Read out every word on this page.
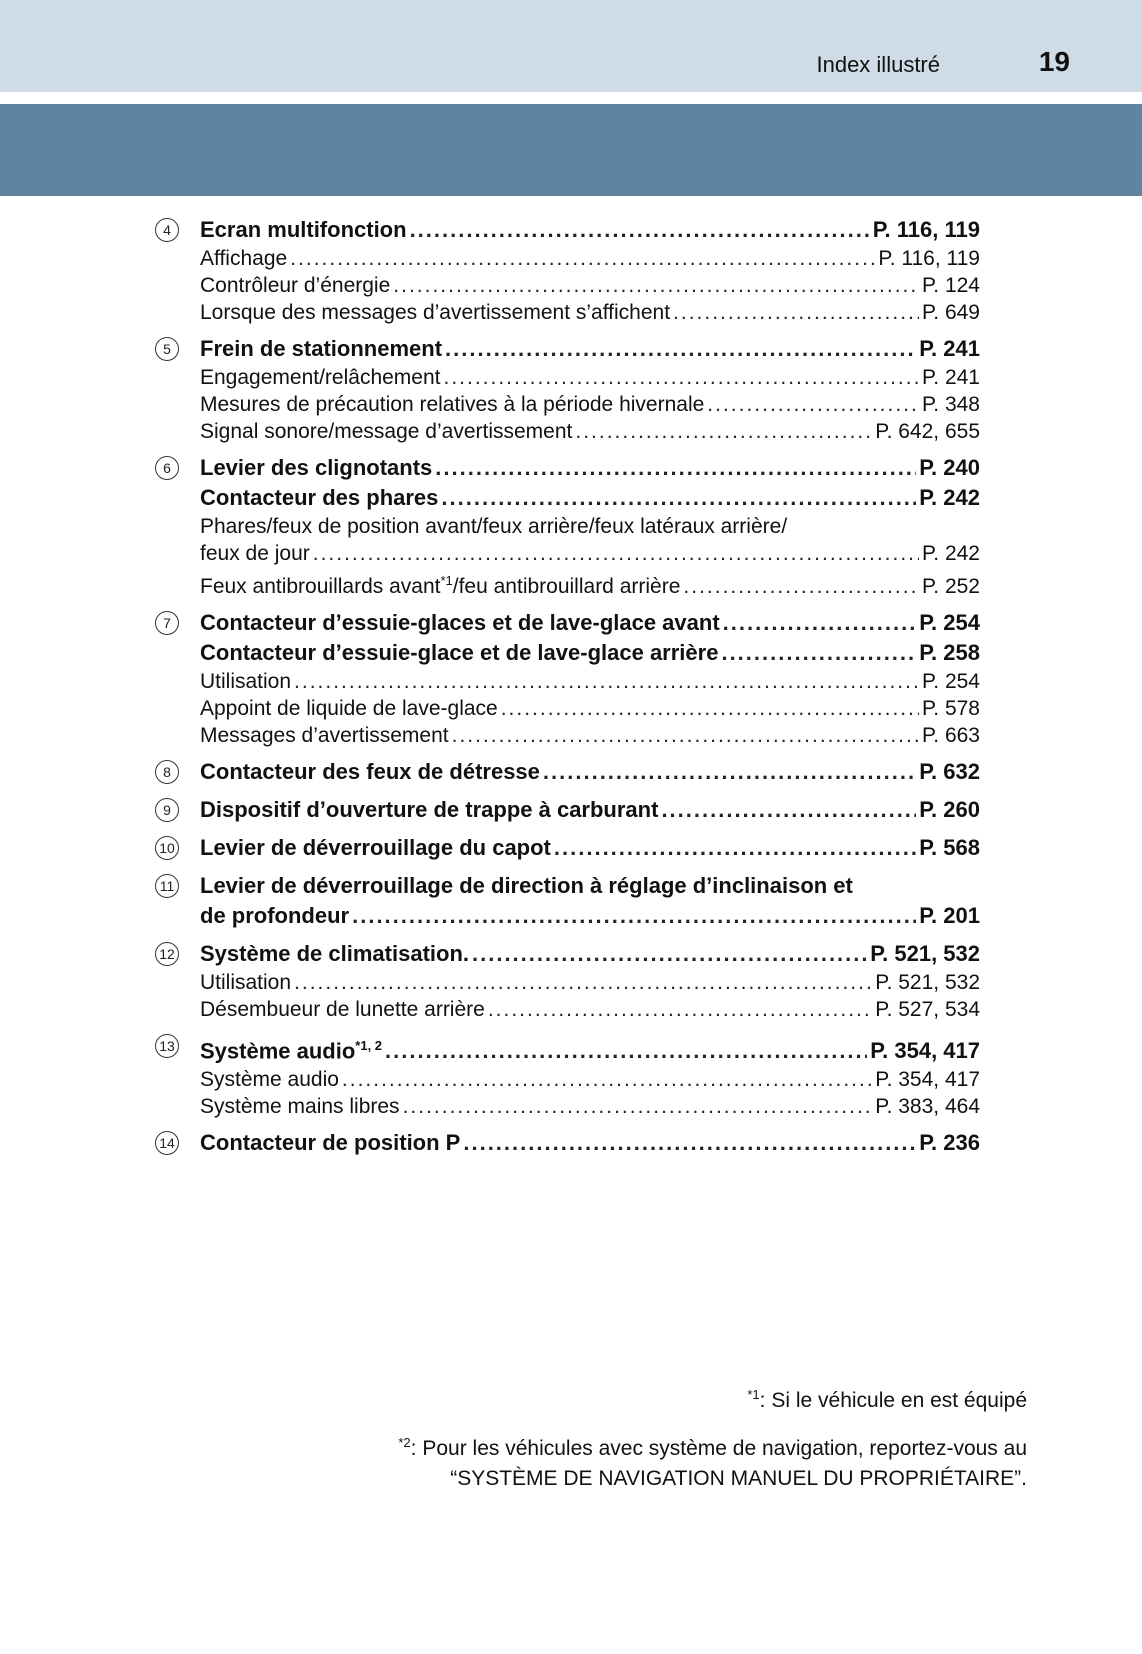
Index illustré	19
4	Ecran multifonction .....	P. 116, 119
Affichage .....	P. 116, 119
Contrôleur d’énergie .....	P. 124
Lorsque des messages d’avertissement s’affichent .....	P. 649
5	Frein de stationnement .....	P. 241
Engagement/relâchement .....	P. 241
Mesures de précaution relatives à la période hivernale .....	P. 348
Signal sonore/message d’avertissement .....	P. 642, 655
6	Levier des clignotants .....	P. 240
Contacteur des phares .....	P. 242
Phares/feux de position avant/feux arrière/feux latéraux arrière/
feux de jour .....	P. 242
Feux antibrouillards avant$^{*1}$/feu antibrouillard arrière .....	P. 252
7	Contacteur d’essuie-glaces et de lave-glace avant .....	P. 254
Contacteur d’essuie-glace et de lave-glace arrière .....	P. 258
Utilisation .....	P. 254
Appoint de liquide de lave-glace .....	P. 578
Messages d’avertissement .....	P. 663
8	Contacteur des feux de détresse .....	P. 632
9	Dispositif d’ouverture de trappe à carburant .....	P. 260
10 Levier de déverrouillage du capot .....	P. 568
11 Levier de déverrouillage de direction à réglage d’inclinaison et
de profondeur .....	P. 201
12 Système de climatisation. .....	P. 521, 532
Utilisation .....	P. 521, 532
Désembueur de lunette arrière .....	P. 527, 534
13 Système audio$^{*1, 2}$ .....	P. 354, 417
Système audio .....	P. 354, 417
Système mains libres .....	P. 383, 464
14 Contacteur de position P .....	P. 236
$^{*1}$: Si le véhicule en est équipé
$^{*2}$: Pour les véhicules avec système de navigation, reportez-vous au
“SYSTÈME DE NAVIGATION MANUEL DU PROPRIÉTAIRE”.
